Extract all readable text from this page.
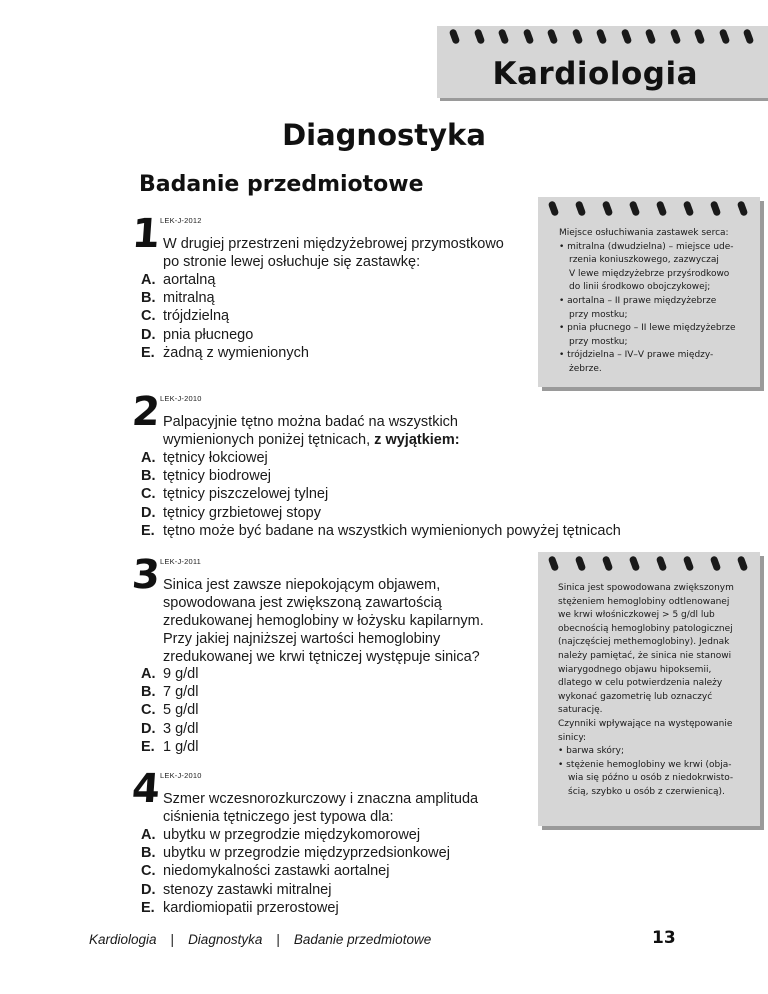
Kardiologia
Diagnostyka
Badanie przedmiotowe
1
LEK-J-2012
W drugiej przestrzeni międzyżebrowej przymostkowo
po stronie lewej osłuchuje się zastawkę:
A. aortalną
B. mitralną
C. trójdzielną
D. pnia płucnego
E. żadną z wymienionych
2
LEK-J-2010
Palpacyjnie tętno można badać na wszystkich
wymienionych poniżej tętnicach, z wyjątkiem:
A. tętnicy łokciowej
B. tętnicy biodrowej
C. tętnicy piszczelowej tylnej
D. tętnicy grzbietowej stopy
E. tętno może być badane na wszystkich wymienionych powyżej tętnicach
3
LEK-J-2011
Sinica jest zawsze niepokojącym objawem,
spowodowana jest zwiększoną zawartością
zredukowanej hemoglobiny w łożysku kapilarnym.
Przy jakiej najniższej wartości hemoglobiny
zredukowanej we krwi tętniczej występuje sinica?
A. 9 g/dl
B. 7 g/dl
C. 5 g/dl
D. 3 g/dl
E. 1 g/dl
4
LEK-J-2010
Szmer wczesnorozkurczowy i znaczna amplituda
ciśnienia tętniczego jest typowa dla:
A. ubytku w przegrodzie międzykomorowej
B. ubytku w przegrodzie międzyprzedsionkowej
C. niedomykalności zastawki aortalnej
D. stenozy zastawki mitralnej
E. kardiomiopatii przerostowej
Miejsce osłuchiwania zastawek serca:
• mitralna (dwudzielna) – miejsce ude-
rzenia koniuszkowego, zazwyczaj
V lewe międzyżebrze przyśrodkowo
do linii środkowo obojczykowej;
• aortalna – II prawe międzyżebrze
przy mostku;
• pnia płucnego – II lewe międzyżebrze
przy mostku;
• trójdzielna – IV–V prawe między-
żebrze.
Sinica jest spowodowana zwiększonym
stężeniem hemoglobiny odtlenowanej
we krwi włośniczkowej > 5 g/dl lub
obecnością hemoglobiny patologicznej
(najczęściej methemoglobiny). Jednak
należy pamiętać, że sinica nie stanowi
wiarygodnego objawu hipoksemii,
dlatego w celu potwierdzenia należy
wykonać gazometrię lub oznaczyć
saturację.
Czynniki wpływające na występowanie
sinicy:
• barwa skóry;
• stężenie hemoglobiny we krwi (obja-
wia się późno u osób z niedokrwisto-
ścią, szybko u osób z czerwienicą).
Kardiologia | Diagnostyka | Badanie przedmiotowe	13
